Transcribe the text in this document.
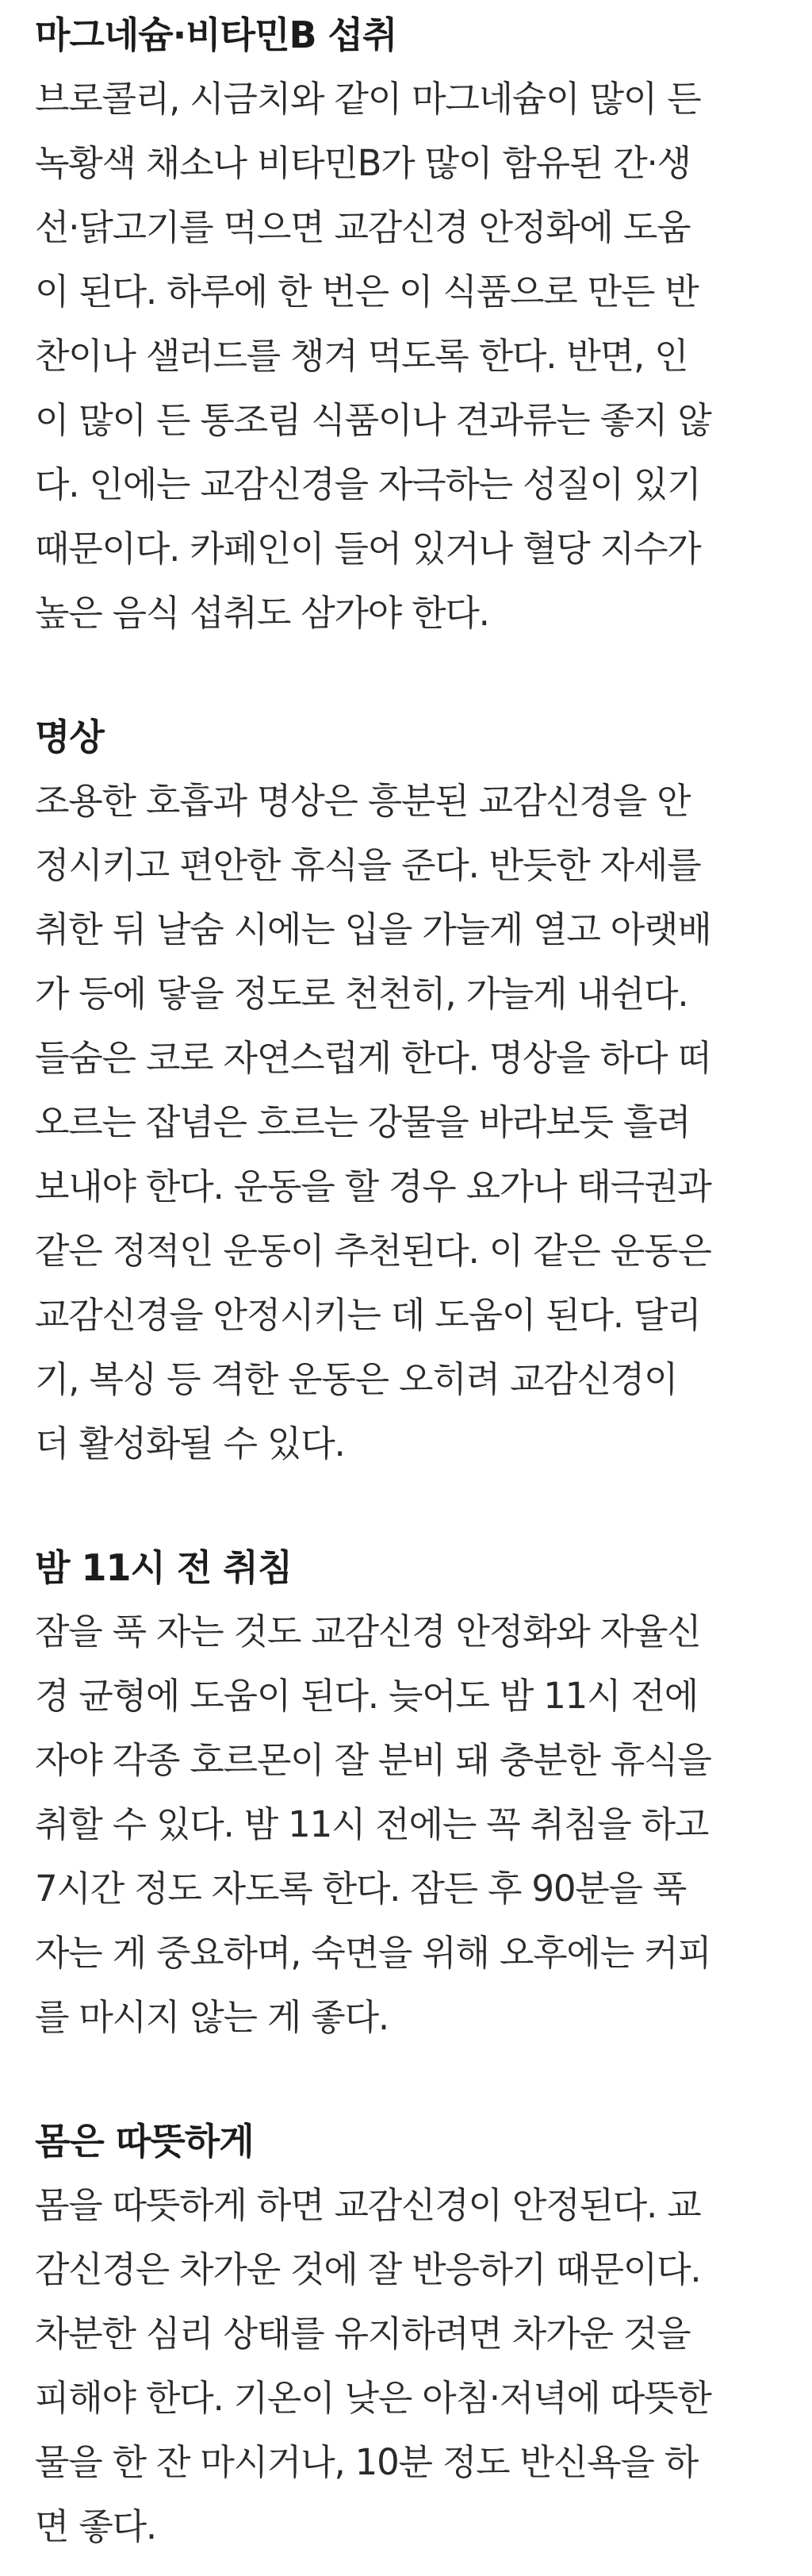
마그네슘·비타민B 섭취

브로콜리, 시금치와 같이 마그네슘이 많이 든
녹황색 채소나 비타민B가 많이 함유된 간·생
선·닭고기를 먹으면 교감신경 안정화에 도움
이 된다. 하루에 한 번은 이 식품으로 만든 반
찬이나 샐러드를 챙겨 먹도록 한다. 반면, 인
이 많이 든 통조림 식품이나 견과류는 좋지 않
다. 인에는 교감신경을 자극하는 성질이 있기
때문이다. 카페인이 들어 있거나 혈당 지수가
높은 음식 섭취도 삼가야 한다.

명상

조용한 호흡과 명상은 흥분된 교감신경을 안
정시키고 편안한 휴식을 준다. 반듯한 자세를
취한 뒤 날숨 시에는 입을 가늘게 열고 아랫배
가 등에 닿을 정도로 천천히, 가늘게 내쉰다.
들숨은 코로 자연스럽게 한다. 명상을 하다 떠
오르는 잡념은 흐르는 강물을 바라보듯 흘려
보내야 한다. 운동을 할 경우 요가나 태극권과
같은 정적인 운동이 추천된다. 이 같은 운동은
교감신경을 안정시키는 데 도움이 된다. 달리
기, 복싱 등 격한 운동은 오히려 교감신경이
더 활성화될 수 있다.

밤 11시 전 취침

잠을 푹 자는 것도 교감신경 안정화와 자율신
경 균형에 도움이 된다. 늦어도 밤 11시 전에
자야 각종 호르몬이 잘 분비 돼 충분한 휴식을
취할 수 있다. 밤 11시 전에는 꼭 취침을 하고
7시간 정도 자도록 한다. 잠든 후 90분을 푹
자는 게 중요하며, 숙면을 위해 오후에는 커피
를 마시지 않는 게 좋다.

몸은 따뜻하게

몸을 따뜻하게 하면 교감신경이 안정된다. 교
감신경은 차가운 것에 잘 반응하기 때문이다.
차분한 심리 상태를 유지하려면 차가운 것을
피해야 한다. 기온이 낮은 아침·저녁에 따뜻한
물을 한 잔 마시거나, 10분 정도 반신욕을 하
면 좋다.
